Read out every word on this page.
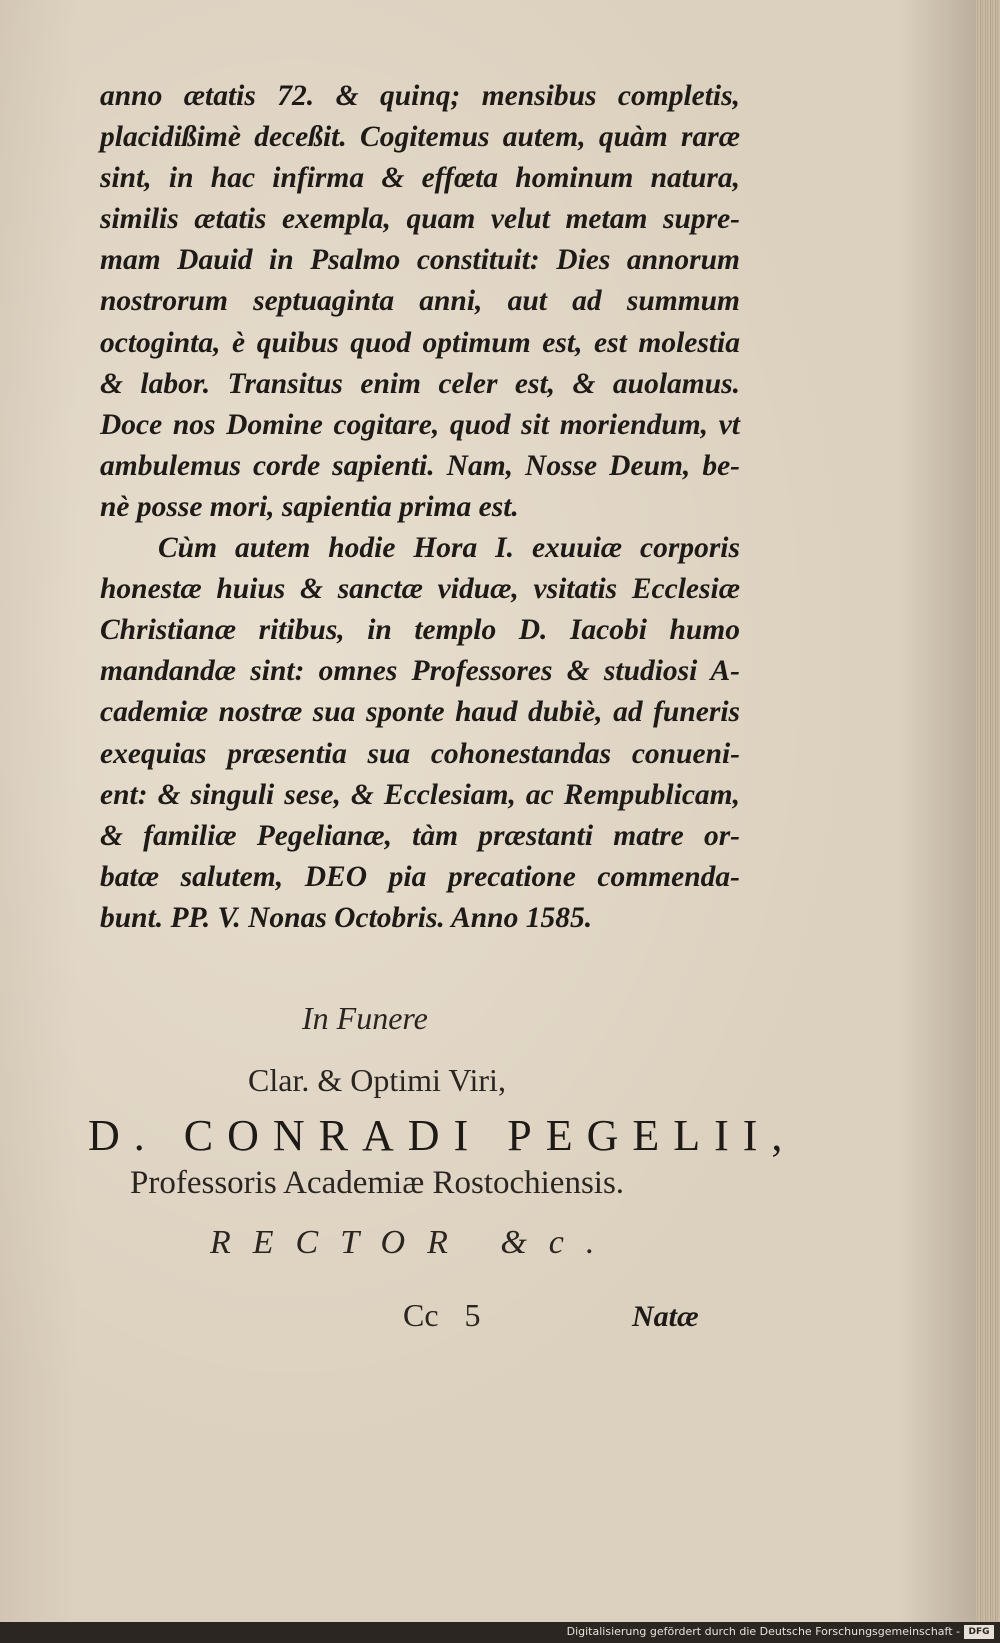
anno ætatis 72. & quinq; mensibus completis,
placidißimè deceßit. Cogitemus autem, quàm raræ
sint, in hac infirma & effœta hominum natura,
similis ætatis exempla, quam velut metam supre-
mam Dauid in Psalmo constituit: Dies annorum
nostrorum septuaginta anni, aut ad summum
octoginta, è quibus quod optimum est, est molestia
& labor. Transitus enim celer est, & auolamus.
Doce nos Domine cogitare, quod sit moriendum, vt
ambulemus corde sapienti. Nam, Nosse Deum, be-
nè posse mori, sapientia prima est.
Cùm autem hodie Hora I. exuuiæ corporis
honestæ huius & sanctæ viduæ, vsitatis Ecclesiæ
Christianæ ritibus, in templo D. Iacobi humo
mandandæ sint: omnes Professores & studiosi A-
cademiæ nostræ sua sponte haud dubiè, ad funeris
exequias præsentia sua cohonestandas conueni-
ent: & singuli sese, & Ecclesiam, ac Rempublicam,
& familiæ Pegelianæ, tàm præstanti matre or-
batæ salutem, DEO pia precatione commenda-
bunt. PP. V. Nonas Octobris. Anno 1585.
In Funere
Clar. & Optimi Viri,
D. CONRADI PEGELII,
Professoris Academiæ Rostochiensis.
RECTOR &c.
Cc 5	Natæ
Digitalisierung gefördert durch die Deutsche Forschungsgemeinschaft - DFG
